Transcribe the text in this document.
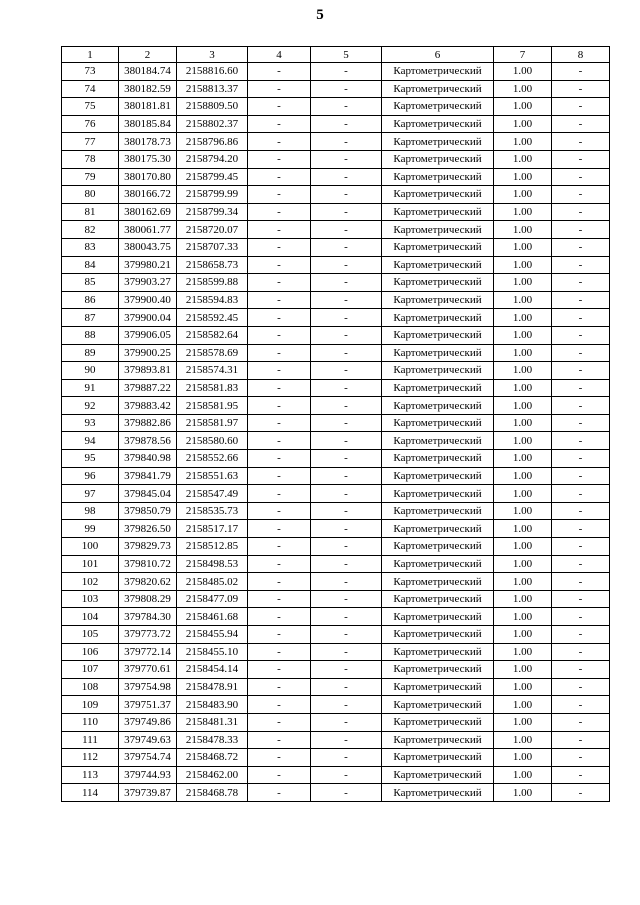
5
1	2	3	4	5	6	7	8
73	380184.74	2158816.60	-	-	Картометрический	1.00	-
74	380182.59	2158813.37	-	-	Картометрический	1.00	-
75	380181.81	2158809.50	-	-	Картометрический	1.00	-
76	380185.84	2158802.37	-	-	Картометрический	1.00	-
77	380178.73	2158796.86	-	-	Картометрический	1.00	-
78	380175.30	2158794.20	-	-	Картометрический	1.00	-
79	380170.80	2158799.45	-	-	Картометрический	1.00	-
80	380166.72	2158799.99	-	-	Картометрический	1.00	-
81	380162.69	2158799.34	-	-	Картометрический	1.00	-
82	380061.77	2158720.07	-	-	Картометрический	1.00	-
83	380043.75	2158707.33	-	-	Картометрический	1.00	-
84	379980.21	2158658.73	-	-	Картометрический	1.00	-
85	379903.27	2158599.88	-	-	Картометрический	1.00	-
86	379900.40	2158594.83	-	-	Картометрический	1.00	-
87	379900.04	2158592.45	-	-	Картометрический	1.00	-
88	379906.05	2158582.64	-	-	Картометрический	1.00	-
89	379900.25	2158578.69	-	-	Картометрический	1.00	-
90	379893.81	2158574.31	-	-	Картометрический	1.00	-
91	379887.22	2158581.83	-	-	Картометрический	1.00	-
92	379883.42	2158581.95	-	-	Картометрический	1.00	-
93	379882.86	2158581.97	-	-	Картометрический	1.00	-
94	379878.56	2158580.60	-	-	Картометрический	1.00	-
95	379840.98	2158552.66	-	-	Картометрический	1.00	-
96	379841.79	2158551.63	-	-	Картометрический	1.00	-
97	379845.04	2158547.49	-	-	Картометрический	1.00	-
98	379850.79	2158535.73	-	-	Картометрический	1.00	-
99	379826.50	2158517.17	-	-	Картометрический	1.00	-
100	379829.73	2158512.85	-	-	Картометрический	1.00	-
101	379810.72	2158498.53	-	-	Картометрический	1.00	-
102	379820.62	2158485.02	-	-	Картометрический	1.00	-
103	379808.29	2158477.09	-	-	Картометрический	1.00	-
104	379784.30	2158461.68	-	-	Картометрический	1.00	-
105	379773.72	2158455.94	-	-	Картометрический	1.00	-
106	379772.14	2158455.10	-	-	Картометрический	1.00	-
107	379770.61	2158454.14	-	-	Картометрический	1.00	-
108	379754.98	2158478.91	-	-	Картометрический	1.00	-
109	379751.37	2158483.90	-	-	Картометрический	1.00	-
110	379749.86	2158481.31	-	-	Картометрический	1.00	-
111	379749.63	2158478.33	-	-	Картометрический	1.00	-
112	379754.74	2158468.72	-	-	Картометрический	1.00	-
113	379744.93	2158462.00	-	-	Картометрический	1.00	-
114	379739.87	2158468.78	-	-	Картометрический	1.00	-
